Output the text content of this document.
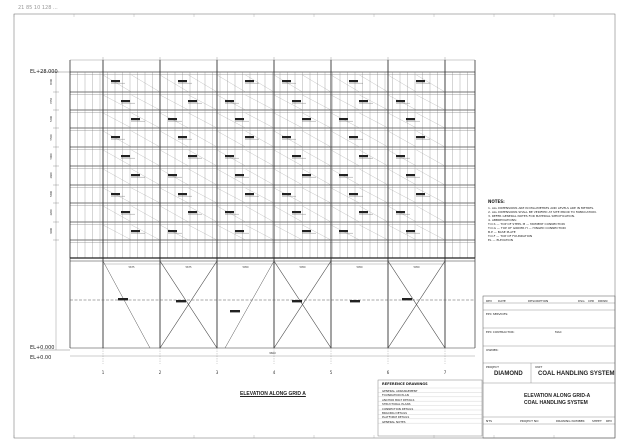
1	2	3	4	5	6	7
6500
7250
5200
5500
5000
4600
5800
4200
3600
5675	5675	5950	5950	5950	5950
9600
21 85 10 128 ...
EL+28.000
EL+0.000
EL+0.00
NOTES:
1. ALL DIMENSIONS ARE IN MILLIMETRES AND LEVELS ARE IN METRES.
2. ALL DIMENSIONS SHALL BE VERIFIED AT SITE PRIOR TO FABRICATION.
3. REFER GENERAL NOTES FOR MATERIAL SPECIFICATION.
4. ABBREVIATIONS:
T.O.S — TOP OF STEEL M — MOMENT CONNECTION
T.O.G — TOP OF GIRDER H — HINGED CONNECTION
B.P — BASE PLATE
T.O.F — TOP OF FOUNDATION
EL — ELEVATION
REV DATE	DESCRIPTION	DSG CPD DRWN
EPC SERVICES:
EPC CONTRACTOR:	MAC
OWNER:
PROJECT	UNIT
DIAMOND	COAL HANDLING SYSTEM
ELEVATION ALONG GRID-A
COAL HANDLING SYSTEM
NTS	PROJECT NO	DRAWING NUMBER SHEET REV
ELEVATION ALONG GRID A
REFERENCE DRAWINGS
GENERAL ARRANGEMENT
FOUNDATION PLAN
ANCHOR BOLT DETAILS
STRUCTURAL PLANS
CONNECTION DETAILS
BRACING DETAILS
PLATFORM DETAILS
GENERAL NOTES
